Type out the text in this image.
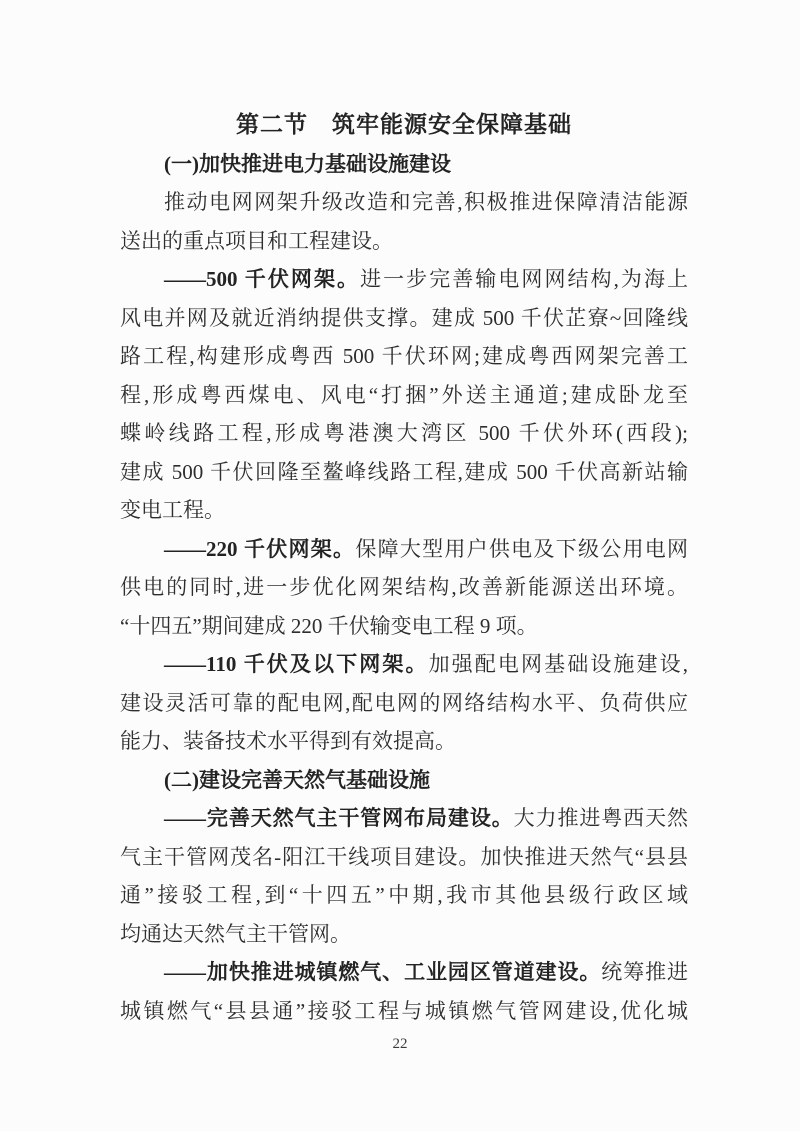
第二节　筑牢能源安全保障基础
(一)加快推进电力基础设施建设
推动电网网架升级改造和完善,积极推进保障清洁能源
送出的重点项目和工程建设。
——500 千伏网架。进一步完善输电网网结构,为海上
风电并网及就近消纳提供支撑。建成 500 千伏芷寮~回隆线
路工程,构建形成粤西 500 千伏环网;建成粤西网架完善工
程,形成粤西煤电、风电“打捆”外送主通道;建成卧龙至
蝶岭线路工程,形成粤港澳大湾区 500 千伏外环(西段);
建成 500 千伏回隆至鳌峰线路工程,建成 500 千伏高新站输
变电工程。
——220 千伏网架。保障大型用户供电及下级公用电网
供电的同时,进一步优化网架结构,改善新能源送出环境。
“十四五”期间建成 220 千伏输变电工程 9 项。
——110 千伏及以下网架。加强配电网基础设施建设,
建设灵活可靠的配电网,配电网的网络结构水平、负荷供应
能力、装备技术水平得到有效提高。
(二)建设完善天然气基础设施
——完善天然气主干管网布局建设。大力推进粤西天然
气主干管网茂名-阳江干线项目建设。加快推进天然气“县县
通”接驳工程,到“十四五”中期,我市其他县级行政区域
均通达天然气主干管网。
——加快推进城镇燃气、工业园区管道建设。统筹推进
城镇燃气“县县通”接驳工程与城镇燃气管网建设,优化城
22
